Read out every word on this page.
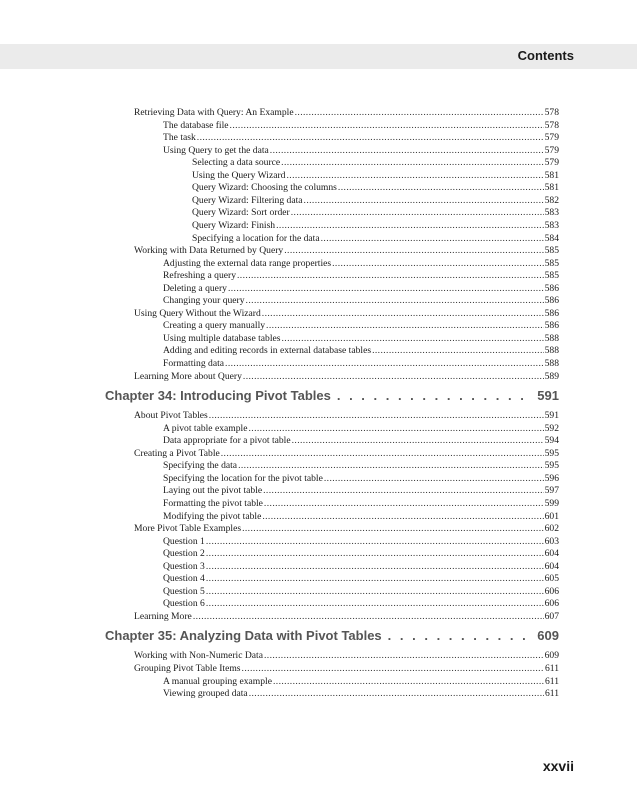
Contents
Retrieving Data with Query: An Example .....	578
The database file .....	578
The task .....	579
Using Query to get the data .....	579
Selecting a data source .....	579
Using the Query Wizard .....	581
Query Wizard: Choosing the columns .....	581
Query Wizard: Filtering data .....	582
Query Wizard: Sort order .....	583
Query Wizard: Finish .....	583
Specifying a location for the data .....	584
Working with Data Returned by Query .....	585
Adjusting the external data range properties .....	585
Refreshing a query .....	585
Deleting a query .....	586
Changing your query .....	586
Using Query Without the Wizard .....	586
Creating a query manually .....	586
Using multiple database tables .....	588
Adding and editing records in external database tables .....	588
Formatting data .....	588
Learning More about Query .....	589
Chapter 34: Introducing Pivot Tables . . .	591
About Pivot Tables .....	591
A pivot table example .....	592
Data appropriate for a pivot table .....	594
Creating a Pivot Table .....	595
Specifying the data .....	595
Specifying the location for the pivot table .....	596
Laying out the pivot table .....	597
Formatting the pivot table .....	599
Modifying the pivot table .....	601
More Pivot Table Examples .....	602
Question 1 .....	603
Question 2 .....	604
Question 3 .....	604
Question 4 .....	605
Question 5 .....	606
Question 6 .....	606
Learning More .....	607
Chapter 35: Analyzing Data with Pivot Tables . . .	609
Working with Non-Numeric Data .....	609
Grouping Pivot Table Items .....	611
A manual grouping example .....	611
Viewing grouped data .....	611
xxvii
